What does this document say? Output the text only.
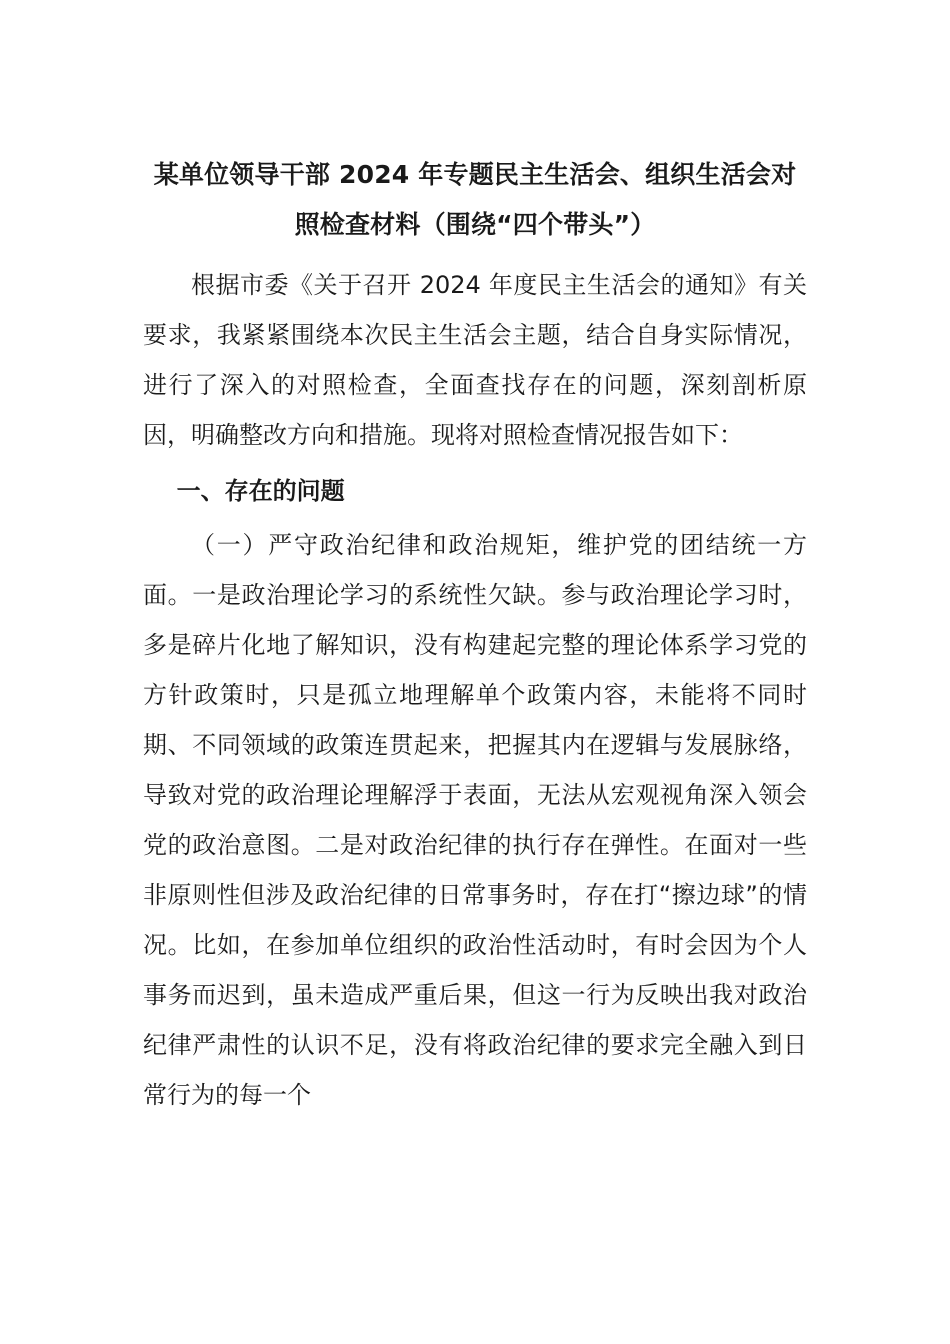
某单位领导干部 2024 年专题民主生活会、组织生活会对
照检查材料（围绕“四个带头”）

根据市委《关于召开 2024 年度民主生活会的通知》有关要求，我紧紧围绕本次民主生活会主题，结合自身实际情况，进行了深入的对照检查，全面查找存在的问题，深刻剖析原因，明确整改方向和措施。现将对照检查情况报告如下：

一、存在的问题

（一）严守政治纪律和政治规矩，维护党的团结统一方面。一是政治理论学习的系统性欠缺。参与政治理论学习时，多是碎片化地了解知识，没有构建起完整的理论体系学习党的方针政策时，只是孤立地理解单个政策内容，未能将不同时期、不同领域的政策连贯起来，把握其内在逻辑与发展脉络，导致对党的政治理论理解浮于表面，无法从宏观视角深入领会党的政治意图。二是对政治纪律的执行存在弹性。在面对一些非原则性但涉及政治纪律的日常事务时，存在打“擦边球”的情况。比如，在参加单位组织的政治性活动时，有时会因为个人事务而迟到，虽未造成严重后果，但这一行为反映出我对政治纪律严肃性的认识不足，没有将政治纪律的要求完全融入到日常行为的每一个
